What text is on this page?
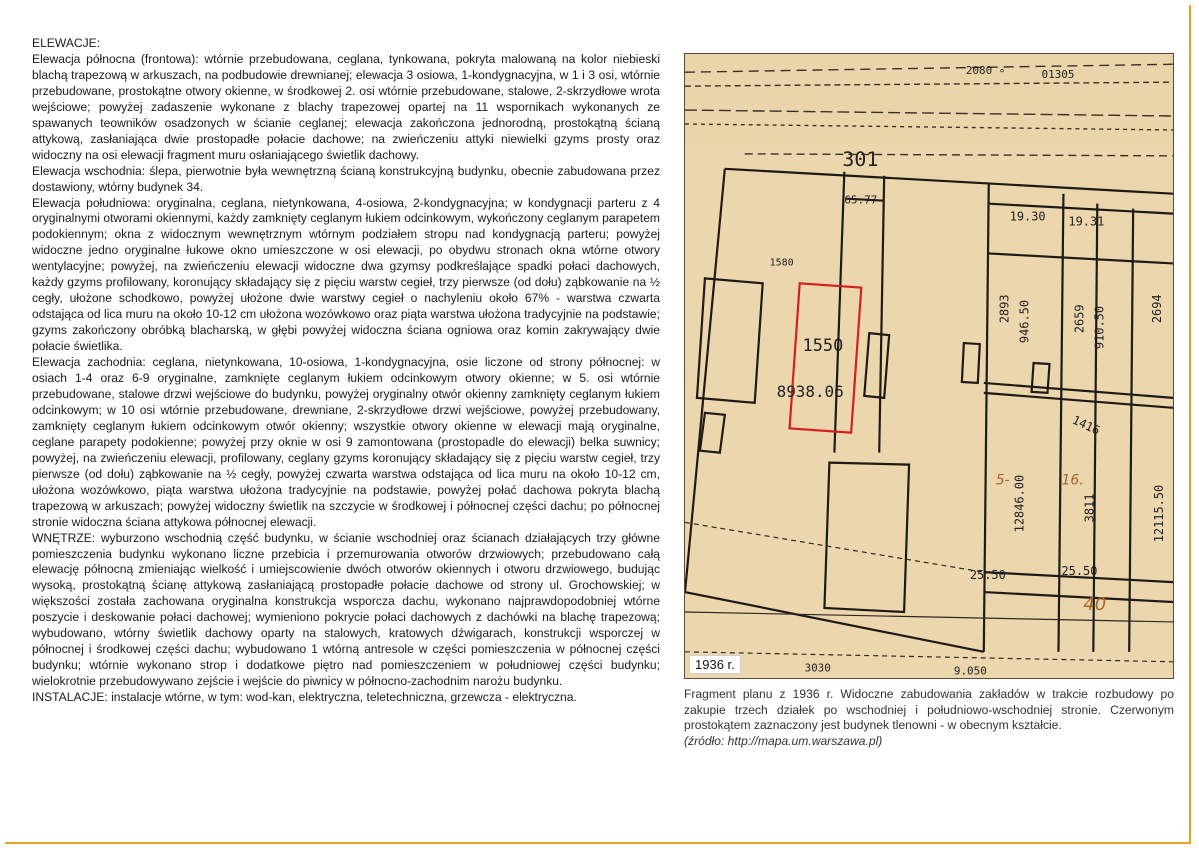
ELEWACJE:

Elewacja północna (frontowa): wtórnie przebudowana, ceglana, tynkowana, pokryta malowaną na kolor niebieski blachą trapezową w arkuszach, na podbudowie drewnianej; elewacja 3 osiowa, 1-kondygnacyjna, w 1 i 3 osi, wtórnie przebudowane, prostokątne otwory okienne, w środkowej 2. osi wtórnie przebudowane, stalowe, 2-skrzydłowe wrota wejściowe; powyżej zadaszenie wykonane z blachy trapezowej opartej na 11 wspornikach wykonanych ze spawanych teowników osadzonych w ścianie ceglanej; elewacja zakończona jednorodną, prostokątną ścianą attykową, zasłaniająca dwie prostopadłe połacie dachowe; na zwieńczeniu attyki niewielki gzyms prosty oraz widoczny na osi elewacji fragment muru osłaniającego świetlik dachowy.

Elewacja wschodnia: ślepa, pierwotnie była wewnętrzną ścianą konstrukcyjną budynku, obecnie zabudowana przez dostawiony, wtórny budynek 34.

Elewacja południowa: oryginalna, ceglana, nietynkowana, 4-osiowa, 2-kondygnacyjna; w kondygnacji parteru z 4 oryginalnymi otworami okiennymi, każdy zamknięty ceglanym łukiem odcinkowym, wykończony ceglanym parapetem podokiennym; okna z widocznym wewnętrznym wtórnym podziałem stropu nad kondygnacją parteru; powyżej widoczne jedno oryginalne łukowe okno umieszczone w osi elewacji, po obydwu stronach okna wtórne otwory wentylacyjne; powyżej, na zwieńczeniu elewacji widoczne dwa gzymsy podkreślające spadki połaci dachowych, każdy gzyms profilowany, koronujący składający się z pięciu warstw cegieł, trzy pierwsze (od dołu) ząbkowanie na ½ cegły, ułożone schodkowo, powyżej ułożone dwie warstwy cegieł o nachyleniu około 67% - warstwa czwarta odstająca od lica muru na około 10-12 cm ułożona wozówkowo oraz piąta warstwa ułożona tradycyjnie na podstawie; gzyms zakończony obróbką blacharską, w głębi powyżej widoczna ściana ogniowa oraz komin zakrywający dwie połacie świetlika.

Elewacja zachodnia: ceglana, nietynkowana, 10-osiowa, 1-kondygnacyjna, osie liczone od strony północnej: w osiach 1-4 oraz 6-9 oryginalne, zamknięte ceglanym łukiem odcinkowym otwory okienne; w 5. osi wtórnie przebudowane, stalowe drzwi wejściowe do budynku, powyżej oryginalny otwór okienny zamknięty ceglanym łukiem odcinkowym; w 10 osi wtórnie przebudowane, drewniane, 2-skrzydłowe drzwi wejściowe, powyżej przebudowany, zamknięty ceglanym łukiem odcinkowym otwór okienny; wszystkie otwory okienne w elewacji mają oryginalne, ceglane parapety podokienne; powyżej przy oknie w osi 9 zamontowana (prostopadle do elewacji) belka suwnicy; powyżej, na zwieńczeniu elewacji, profilowany, ceglany gzyms koronujący składający się z pięciu warstw cegieł, trzy pierwsze (od dołu) ząbkowanie na ½ cegły, powyżej czwarta warstwa odstająca od lica muru na około 10-12 cm, ułożona wozówkowo, piąta warstwa ułożona tradycyjnie na podstawie, powyżej połać dachowa pokryta blachą trapezową w arkuszach; powyżej widoczny świetlik na szczycie w środkowej i północnej części dachu; po północnej stronie widoczna ściana attykowa północnej elewacji.

WNĘTRZE: wyburzono wschodnią część budynku, w ścianie wschodniej oraz ścianach działających trzy główne pomieszczenia budynku wykonano liczne przebicia i przemurowania otworów drzwiowych; przebudowano całą elewację północną zmieniając wielkość i umiejscowienie dwóch otworów okiennych i otworu drzwiowego, budując wysoką, prostokątną ścianę attykową zasłaniającą prostopadłe połacie dachowe od strony ul. Grochowskiej; w większości została zachowana oryginalna konstrukcja wsporcza dachu, wykonano najprawdopodobniej wtórne poszycie i deskowanie połaci dachowej; wymieniono pokrycie połaci dachowych z dachówki na blachę trapezową; wybudowano, wtórny świetlik dachowy oparty na stalowych, kratowych dźwigarach, konstrukcji wsporczej w północnej i środkowej części dachu; wybudowano 1 wtórną antresole w części pomieszczenia w północnej części budynku; wtórnie wykonano strop i dodatkowe piętro nad pomieszczeniem w południowej części budynku; wielokrotnie przebudowywano zejście i wejście do piwnicy w północno-zachodnim narożu budynku.

INSTALACJE: instalacje wtórne, w tym: wod-kan, elektryczna, teletechniczna, grzewcza - elektryczna.

2080 ∘	01305
301
1580
65.77
19.30 19.31
1550
8938.06
2893 946.50	2659 910.50	2694
1416
12846.00	3811	12115.50
25.50	25.50
5-	16.
40
3030	9.050
1936 r.

Fragment planu z 1936 r. Widoczne zabudowania zakładów w trakcie rozbudowy po zakupie trzech działek po wschodniej i południowo-wschodniej stronie. Czerwonym prostokątem zaznaczony jest budynek tlenowni - w obecnym kształcie.

(źródło: http://mapa.um.warszawa.pl)
